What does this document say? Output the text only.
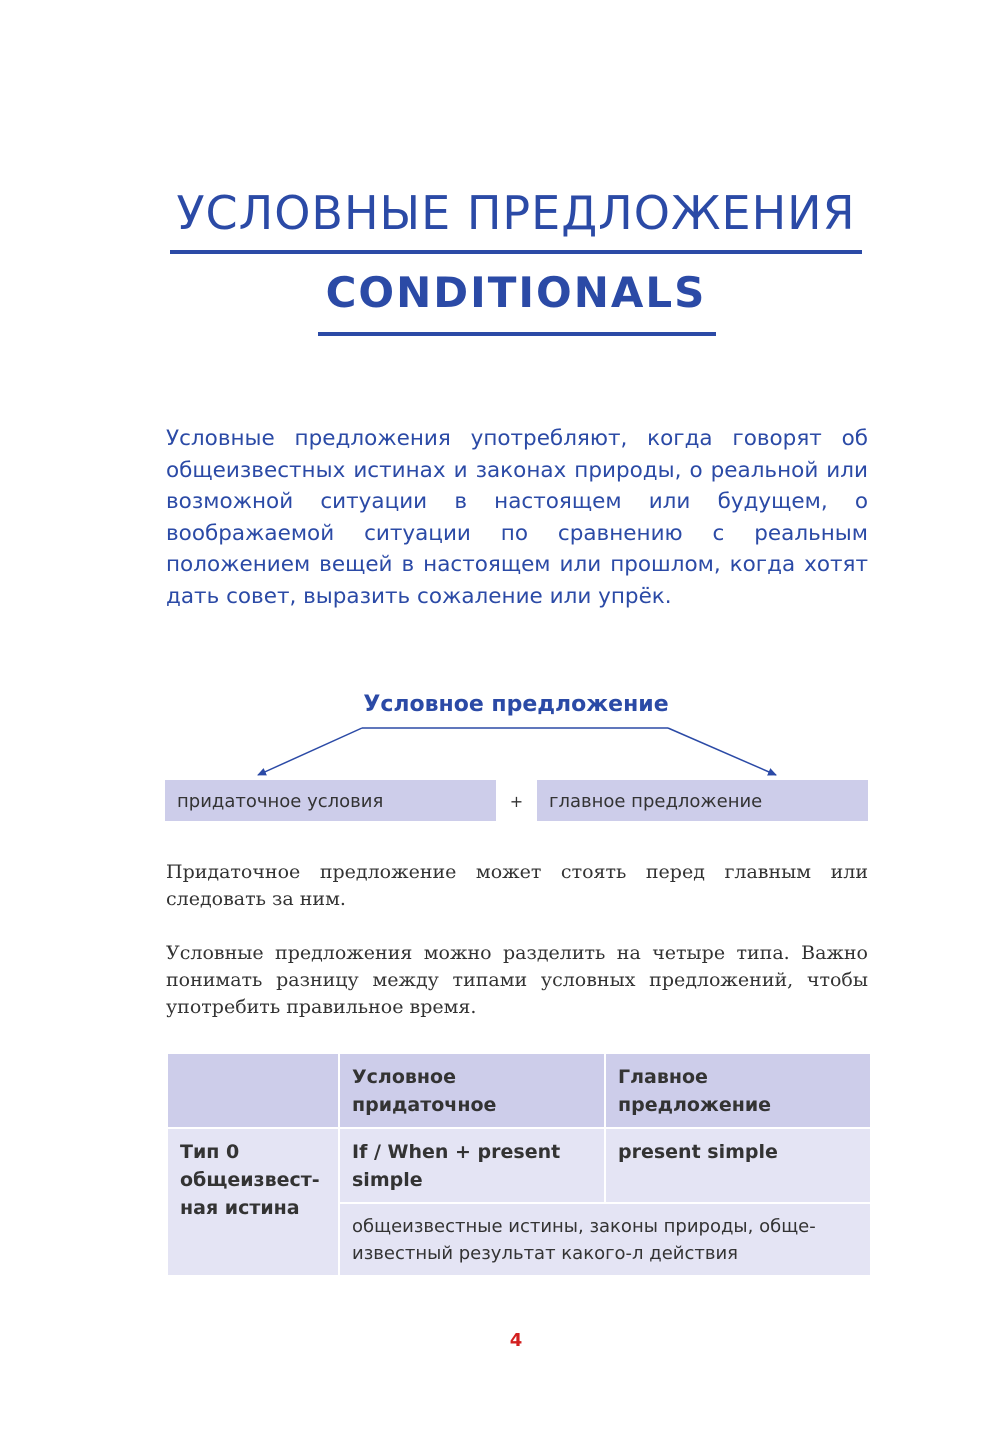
УСЛОВНЫЕ ПРЕДЛОЖЕНИЯ
CONDITIONALS

Условные предложения употребляют, когда говорят об общеизвестных истинах и законах природы, о реальной или возможной ситуации в настоящем или будущем, о воображаемой ситуации по сравнению с реальным положением вещей в настоящем или прошлом, когда хотят дать совет, выразить сожаление или упрёк.

Условное предложение
придаточное условия	+	главное предложение

Придаточное предложение может стоять перед главным или следовать за ним.

Условные предложения можно разделить на четыре типа. Важно понимать разницу между типами условных предложений, чтобы употребить правильное время.

	Условное придаточное	Главное предложение
Тип 0 общеизвестная истина	If / When + present simple	present simple
	общеизвестные истины, законы природы, общеизвестный результат какого-л действия	
4
